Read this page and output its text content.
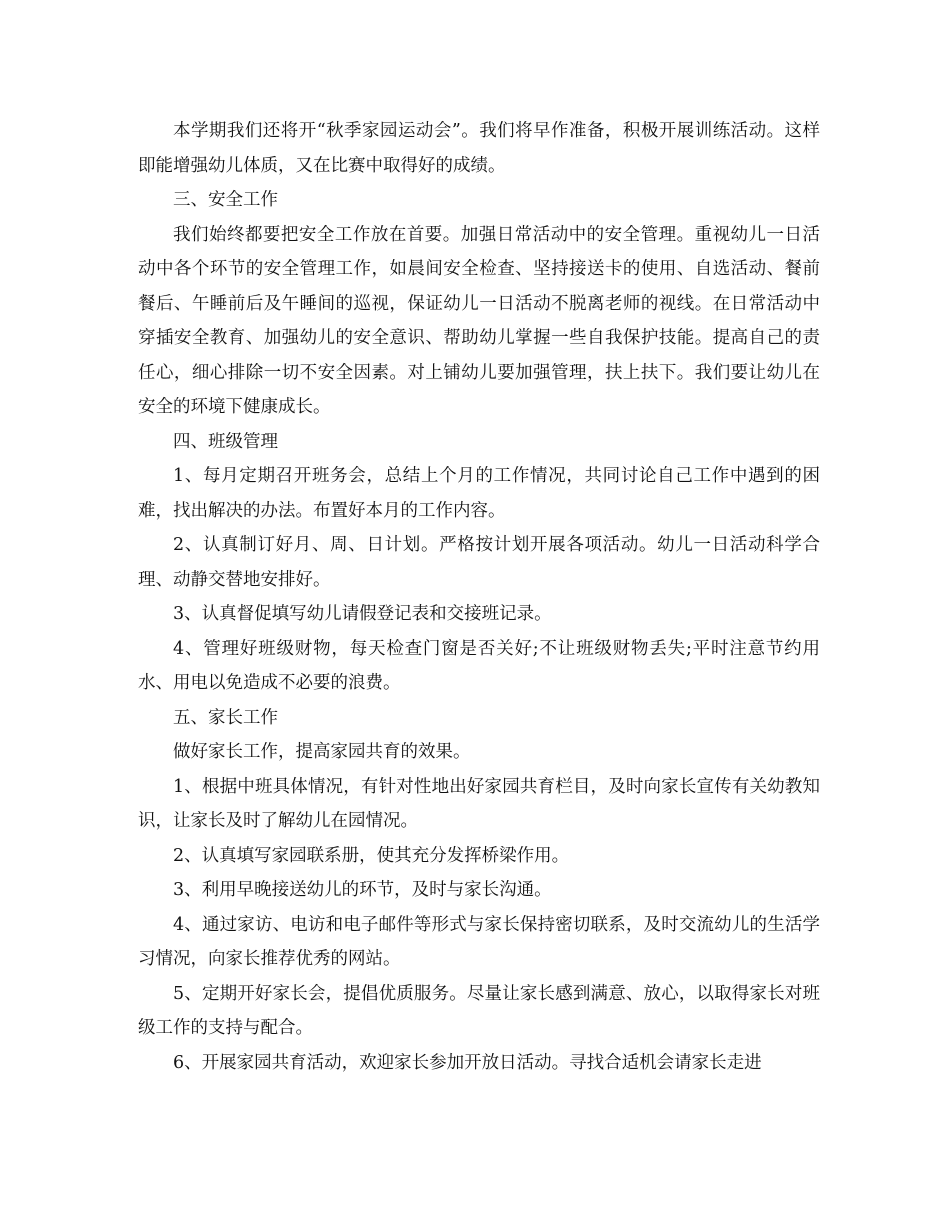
本学期我们还将开“秋季家园运动会”。我们将早作准备，积极开展训练活动。这样即能增强幼儿体质，又在比赛中取得好的成绩。

三、安全工作

我们始终都要把安全工作放在首要。加强日常活动中的安全管理。重视幼儿一日活动中各个环节的安全管理工作，如晨间安全检查、坚持接送卡的使用、自选活动、餐前餐后、午睡前后及午睡间的巡视，保证幼儿一日活动不脱离老师的视线。在日常活动中穿插安全教育、加强幼儿的安全意识、帮助幼儿掌握一些自我保护技能。提高自己的责任心，细心排除一切不安全因素。对上铺幼儿要加强管理，扶上扶下。我们要让幼儿在安全的环境下健康成长。

四、班级管理

1、每月定期召开班务会，总结上个月的工作情况，共同讨论自己工作中遇到的困难，找出解决的办法。布置好本月的工作内容。

2、认真制订好月、周、日计划。严格按计划开展各项活动。幼儿一日活动科学合理、动静交替地安排好。

3、认真督促填写幼儿请假登记表和交接班记录。

4、管理好班级财物，每天检查门窗是否关好;不让班级财物丢失;平时注意节约用水、用电以免造成不必要的浪费。

五、家长工作

做好家长工作，提高家园共育的效果。

1、根据中班具体情况，有针对性地出好家园共育栏目，及时向家长宣传有关幼教知识，让家长及时了解幼儿在园情况。

2、认真填写家园联系册，使其充分发挥桥梁作用。

3、利用早晚接送幼儿的环节，及时与家长沟通。

4、通过家访、电访和电子邮件等形式与家长保持密切联系，及时交流幼儿的生活学习情况，向家长推荐优秀的网站。

5、定期开好家长会，提倡优质服务。尽量让家长感到满意、放心，以取得家长对班级工作的支持与配合。

6、开展家园共育活动，欢迎家长参加开放日活动。寻找合适机会请家长走进
